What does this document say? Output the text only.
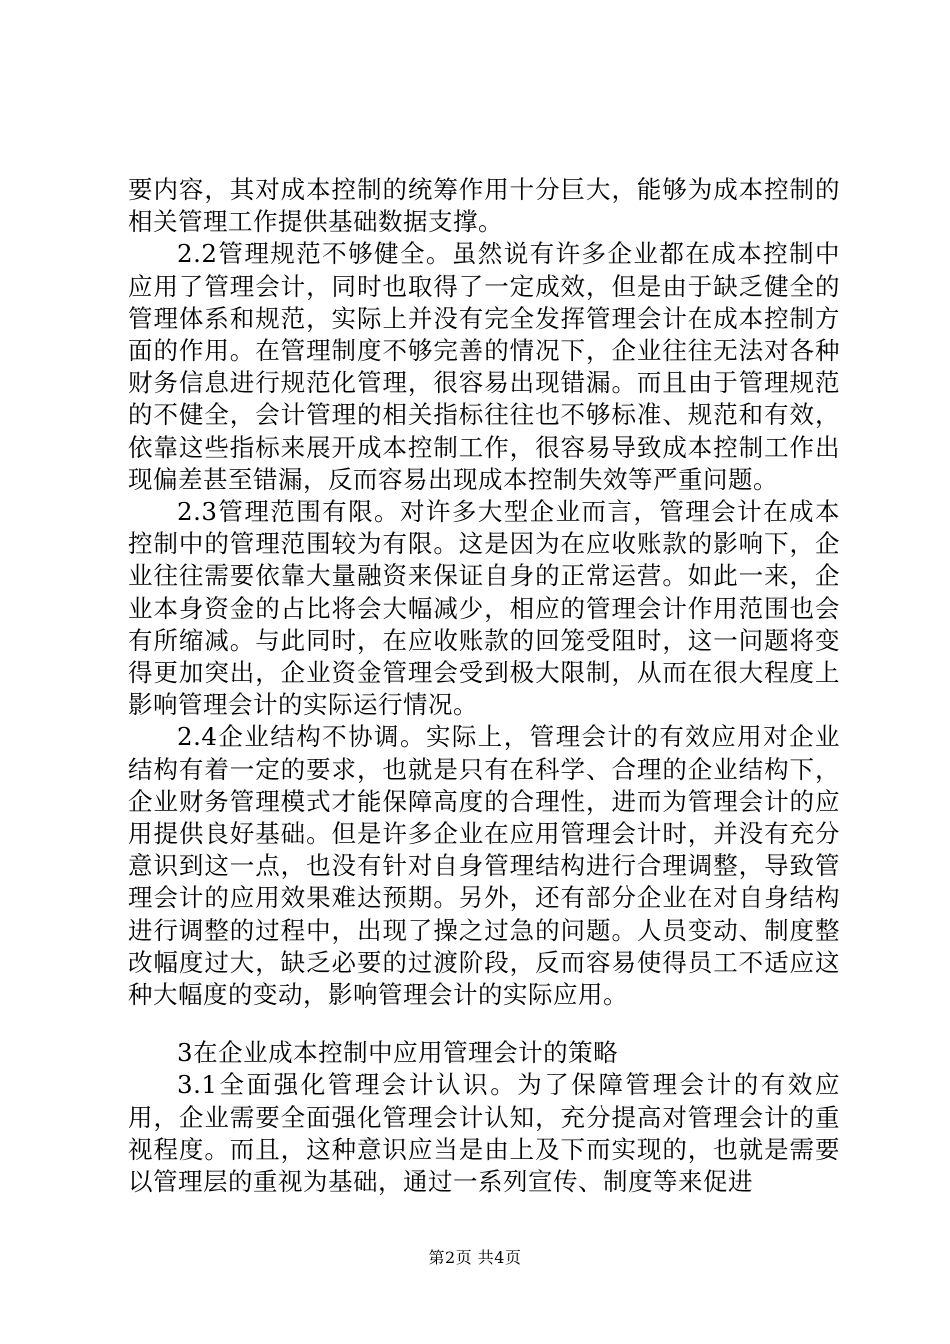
要内容，其对成本控制的统筹作用十分巨大，能够为成本控制的相关管理工作提供基础数据支撑。

2.2管理规范不够健全。虽然说有许多企业都在成本控制中应用了管理会计，同时也取得了一定成效，但是由于缺乏健全的管理体系和规范，实际上并没有完全发挥管理会计在成本控制方面的作用。在管理制度不够完善的情况下，企业往往无法对各种财务信息进行规范化管理，很容易出现错漏。而且由于管理规范的不健全，会计管理的相关指标往往也不够标准、规范和有效，依靠这些指标来展开成本控制工作，很容易导致成本控制工作出现偏差甚至错漏，反而容易出现成本控制失效等严重问题。

2.3管理范围有限。对许多大型企业而言，管理会计在成本控制中的管理范围较为有限。这是因为在应收账款的影响下，企业往往需要依靠大量融资来保证自身的正常运营。如此一来，企业本身资金的占比将会大幅减少，相应的管理会计作用范围也会有所缩减。与此同时，在应收账款的回笼受阻时，这一问题将变得更加突出，企业资金管理会受到极大限制，从而在很大程度上影响管理会计的实际运行情况。

2.4企业结构不协调。实际上，管理会计的有效应用对企业结构有着一定的要求，也就是只有在科学、合理的企业结构下，企业财务管理模式才能保障高度的合理性，进而为管理会计的应用提供良好基础。但是许多企业在应用管理会计时，并没有充分意识到这一点，也没有针对自身管理结构进行合理调整，导致管理会计的应用效果难达预期。另外，还有部分企业在对自身结构进行调整的过程中，出现了操之过急的问题。人员变动、制度整改幅度过大，缺乏必要的过渡阶段，反而容易使得员工不适应这种大幅度的变动，影响管理会计的实际应用。

3在企业成本控制中应用管理会计的策略

3.1全面强化管理会计认识。为了保障管理会计的有效应用，企业需要全面强化管理会计认知，充分提高对管理会计的重视程度。而且，这种意识应当是由上及下而实现的，也就是需要以管理层的重视为基础，通过一系列宣传、制度等来促进

第2页 共4页
